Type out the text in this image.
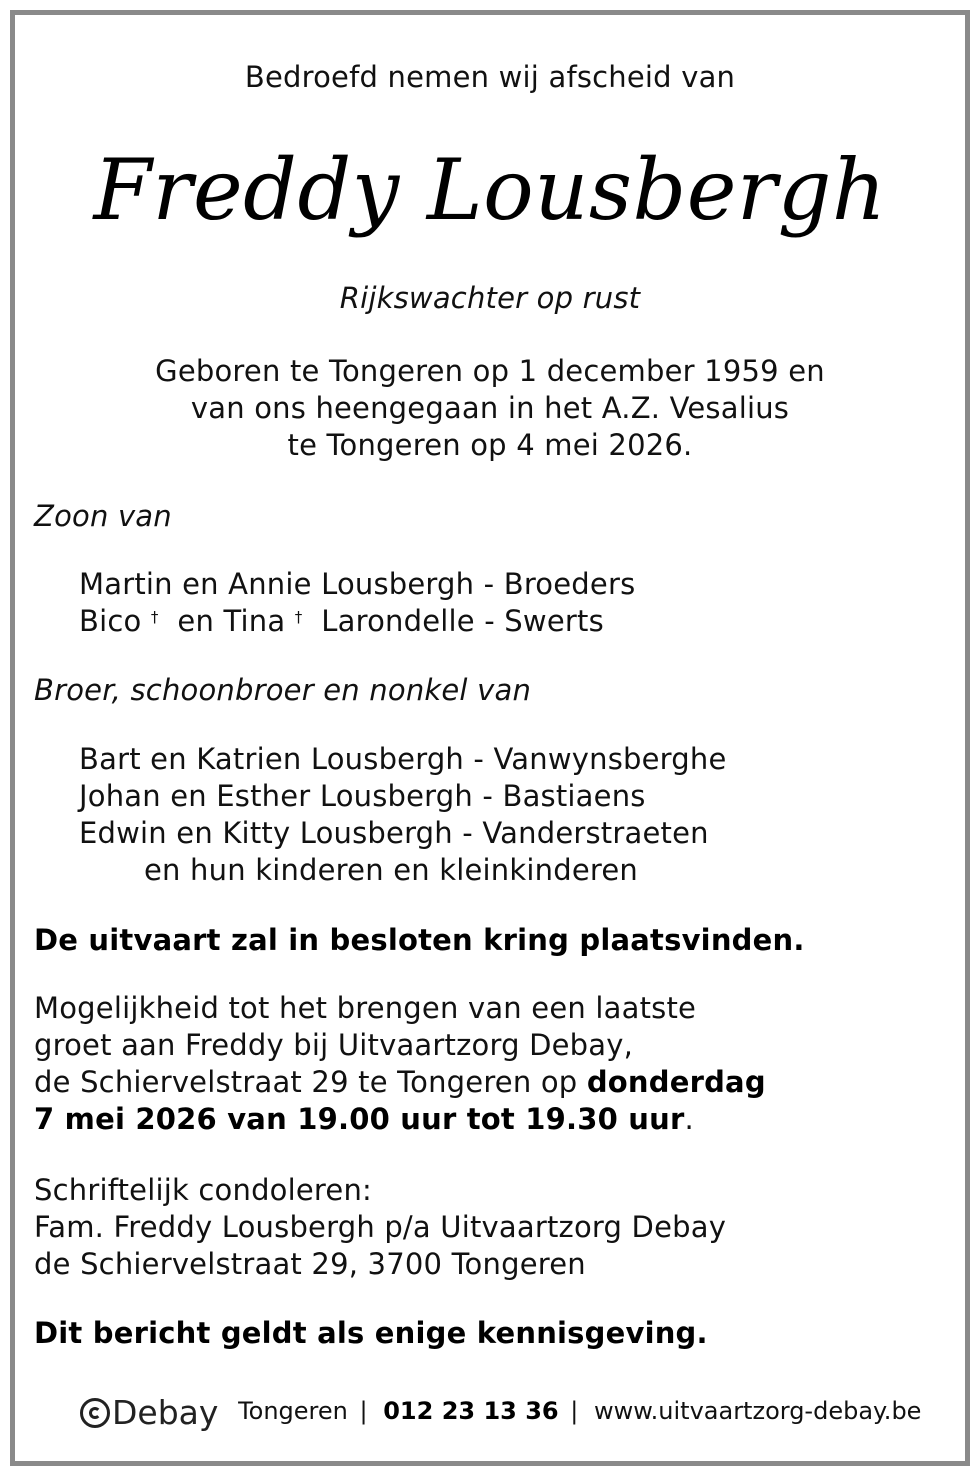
Bedroefd nemen wij afscheid van
Freddy Lousbergh
Rijkswachter op rust
Geboren te Tongeren op 1 december 1959 en
van ons heengegaan in het A.Z. Vesalius
te Tongeren op 4 mei 2026.
Zoon van
Martin en Annie Lousbergh - Broeders
Bico † en Tina † Larondelle - Swerts
Broer, schoonbroer en nonkel van
Bart en Katrien Lousbergh - Vanwynsberghe
Johan en Esther Lousbergh - Bastiaens
Edwin en Kitty Lousbergh - Vanderstraeten
en hun kinderen en kleinkinderen
De uitvaart zal in besloten kring plaatsvinden.
Mogelijkheid tot het brengen van een laatste
groet aan Freddy bij Uitvaartzorg Debay,
de Schiervelstraat 29 te Tongeren op donderdag
7 mei 2026 van 19.00 uur tot 19.30 uur.
Schriftelijk condoleren:
Fam. Freddy Lousbergh p/a Uitvaartzorg Debay
de Schiervelstraat 29, 3700 Tongeren
Dit bericht geldt als enige kennisgeving.
Debay Tongeren | 012 23 13 36 | www.uitvaartzorg-debay.be
